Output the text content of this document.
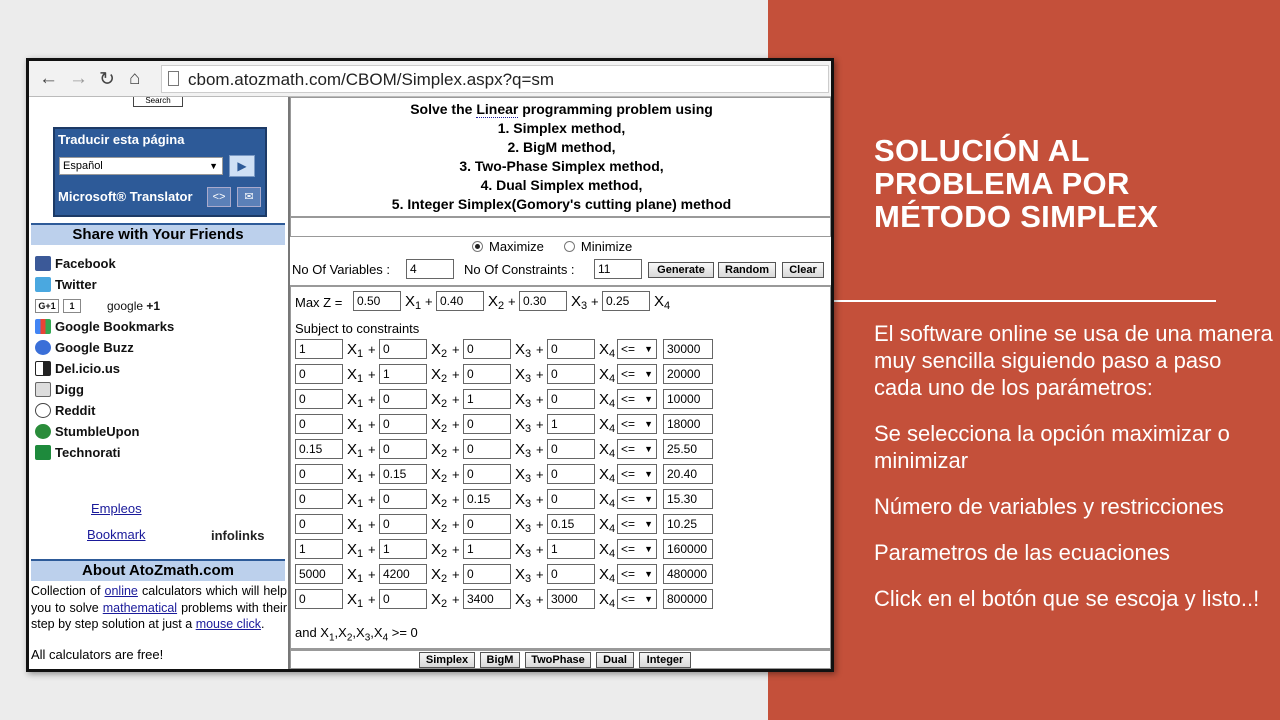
SOLUCIÓN AL
PROBLEMA POR
MÉTODO SIMPLEX
El software online se usa de una manera muy sencilla siguiendo paso a paso cada uno de los parámetros:
Se selecciona la opción maximizar o minimizar
Número de variables y restricciones
Parametros de las ecuaciones
Click en el botón que se escoja y listo..!
← → ↻ ⌂	cbom.atozmath.com/CBOM/Simplex.aspx?q=sm
Search
Traducir esta página
Español	▼	▶
Microsoft® Translator	<>	✉
Share with Your Friends
Facebook
Twitter
G+1	1	google +1
Google Bookmarks
Google Buzz
Del.icio.us
Digg
Reddit
StumbleUpon
Technorati
Empleos
Bookmark	infolinks
About AtoZmath.com
Collection of online calculators which will help you to solve mathematical problems with their step by step solution at just a mouse click.
All calculators are free!
Solve the Linear programming problem using
1. Simplex method,
2. BigM method,
3. Two-Phase Simplex method,
4. Dual Simplex method,
5. Integer Simplex(Gomory's cutting plane) method
Maximize	Minimize
No Of Variables :	4	No Of Constraints :	11	Generate	Random	Clear
Max Z =	0.50	$X_1 + 0.40$	$X_2 + 0.30$	$X_3 + 0.25$	$X_4$
Subject to constraints
1	$X_1 + 0$	$X_2 + 0$	$X_3 + 0$	$X_4$ <= ▼	30000
0	$X_1 + 1$	$X_2 + 0$	$X_3 + 0$	$X_4$ <= ▼	20000
0	$X_1 + 0$	$X_2 + 1$	$X_3 + 0$	$X_4$ <= ▼	10000
0	$X_1 + 0$	$X_2 + 0$	$X_3 + 1$	$X_4$ <= ▼	18000
0.15	$X_1 + 0$	$X_2 + 0$	$X_3 + 0$	$X_4$ <= ▼	25.50
0	$X_1 + 0.15$	$X_2 + 0$	$X_3 + 0$	$X_4$ <= ▼	20.40
0	$X_1 + 0$	$X_2 + 0.15$	$X_3 + 0$	$X_4$ <= ▼	15.30
0	$X_1 + 0$	$X_2 + 0$	$X_3 + 0.15$	$X_4$ <= ▼	10.25
1	$X_1 + 1$	$X_2 + 1$	$X_3 + 1$	$X_4$ <= ▼	160000
5000	$X_1 + 4200$	$X_2 + 0$	$X_3 + 0$	$X_4$ <= ▼	480000
0	$X_1 + 0$	$X_2 + 3400$	$X_3 + 3000$	$X_4$ <= ▼	800000
and $X_1,X_2,X_3,X_4 >= 0$
Simplex	BigM	TwoPhase	Dual	Integer
